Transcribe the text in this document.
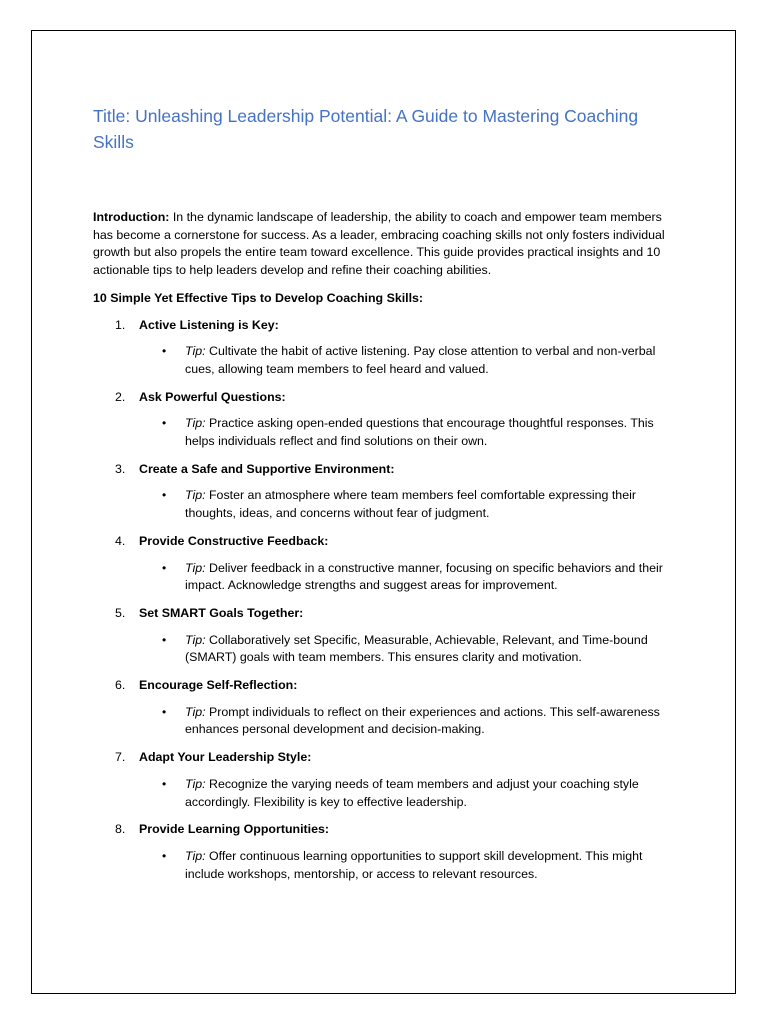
Title: Unleashing Leadership Potential: A Guide to Mastering Coaching Skills

Introduction: In the dynamic landscape of leadership, the ability to coach and empower team members has become a cornerstone for success. As a leader, embracing coaching skills not only fosters individual growth but also propels the entire team toward excellence. This guide provides practical insights and 10 actionable tips to help leaders develop and refine their coaching abilities.

10 Simple Yet Effective Tips to Develop Coaching Skills:
1. Active Listening is Key:
• Tip: Cultivate the habit of active listening. Pay close attention to verbal and non-verbal cues, allowing team members to feel heard and valued.
2. Ask Powerful Questions:
• Tip: Practice asking open-ended questions that encourage thoughtful responses. This helps individuals reflect and find solutions on their own.
3. Create a Safe and Supportive Environment:
• Tip: Foster an atmosphere where team members feel comfortable expressing their thoughts, ideas, and concerns without fear of judgment.
4. Provide Constructive Feedback:
• Tip: Deliver feedback in a constructive manner, focusing on specific behaviors and their impact. Acknowledge strengths and suggest areas for improvement.
5. Set SMART Goals Together:
• Tip: Collaboratively set Specific, Measurable, Achievable, Relevant, and Time-bound (SMART) goals with team members. This ensures clarity and motivation.
6. Encourage Self-Reflection:
• Tip: Prompt individuals to reflect on their experiences and actions. This self-awareness enhances personal development and decision-making.
7. Adapt Your Leadership Style:
• Tip: Recognize the varying needs of team members and adjust your coaching style accordingly. Flexibility is key to effective leadership.
8. Provide Learning Opportunities:
• Tip: Offer continuous learning opportunities to support skill development. This might include workshops, mentorship, or access to relevant resources.
